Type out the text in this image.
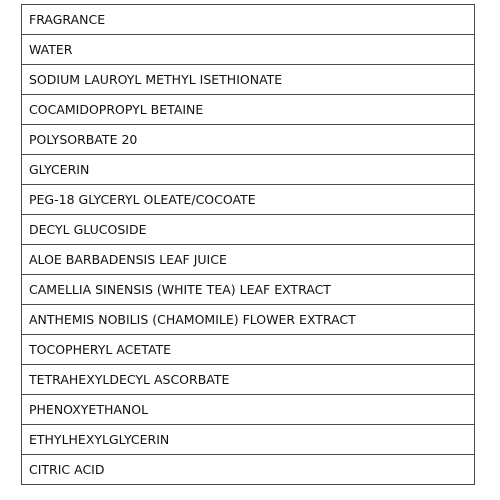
FRAGRANCE
WATER
SODIUM LAUROYL METHYL ISETHIONATE
COCAMIDOPROPYL BETAINE
POLYSORBATE 20
GLYCERIN
PEG-18 GLYCERYL OLEATE/COCOATE
DECYL GLUCOSIDE
ALOE BARBADENSIS LEAF JUICE
CAMELLIA SINENSIS (WHITE TEA) LEAF EXTRACT
ANTHEMIS NOBILIS (CHAMOMILE) FLOWER EXTRACT
TOCOPHERYL ACETATE
TETRAHEXYLDECYL ASCORBATE
PHENOXYETHANOL
ETHYLHEXYLGLYCERIN
CITRIC ACID
